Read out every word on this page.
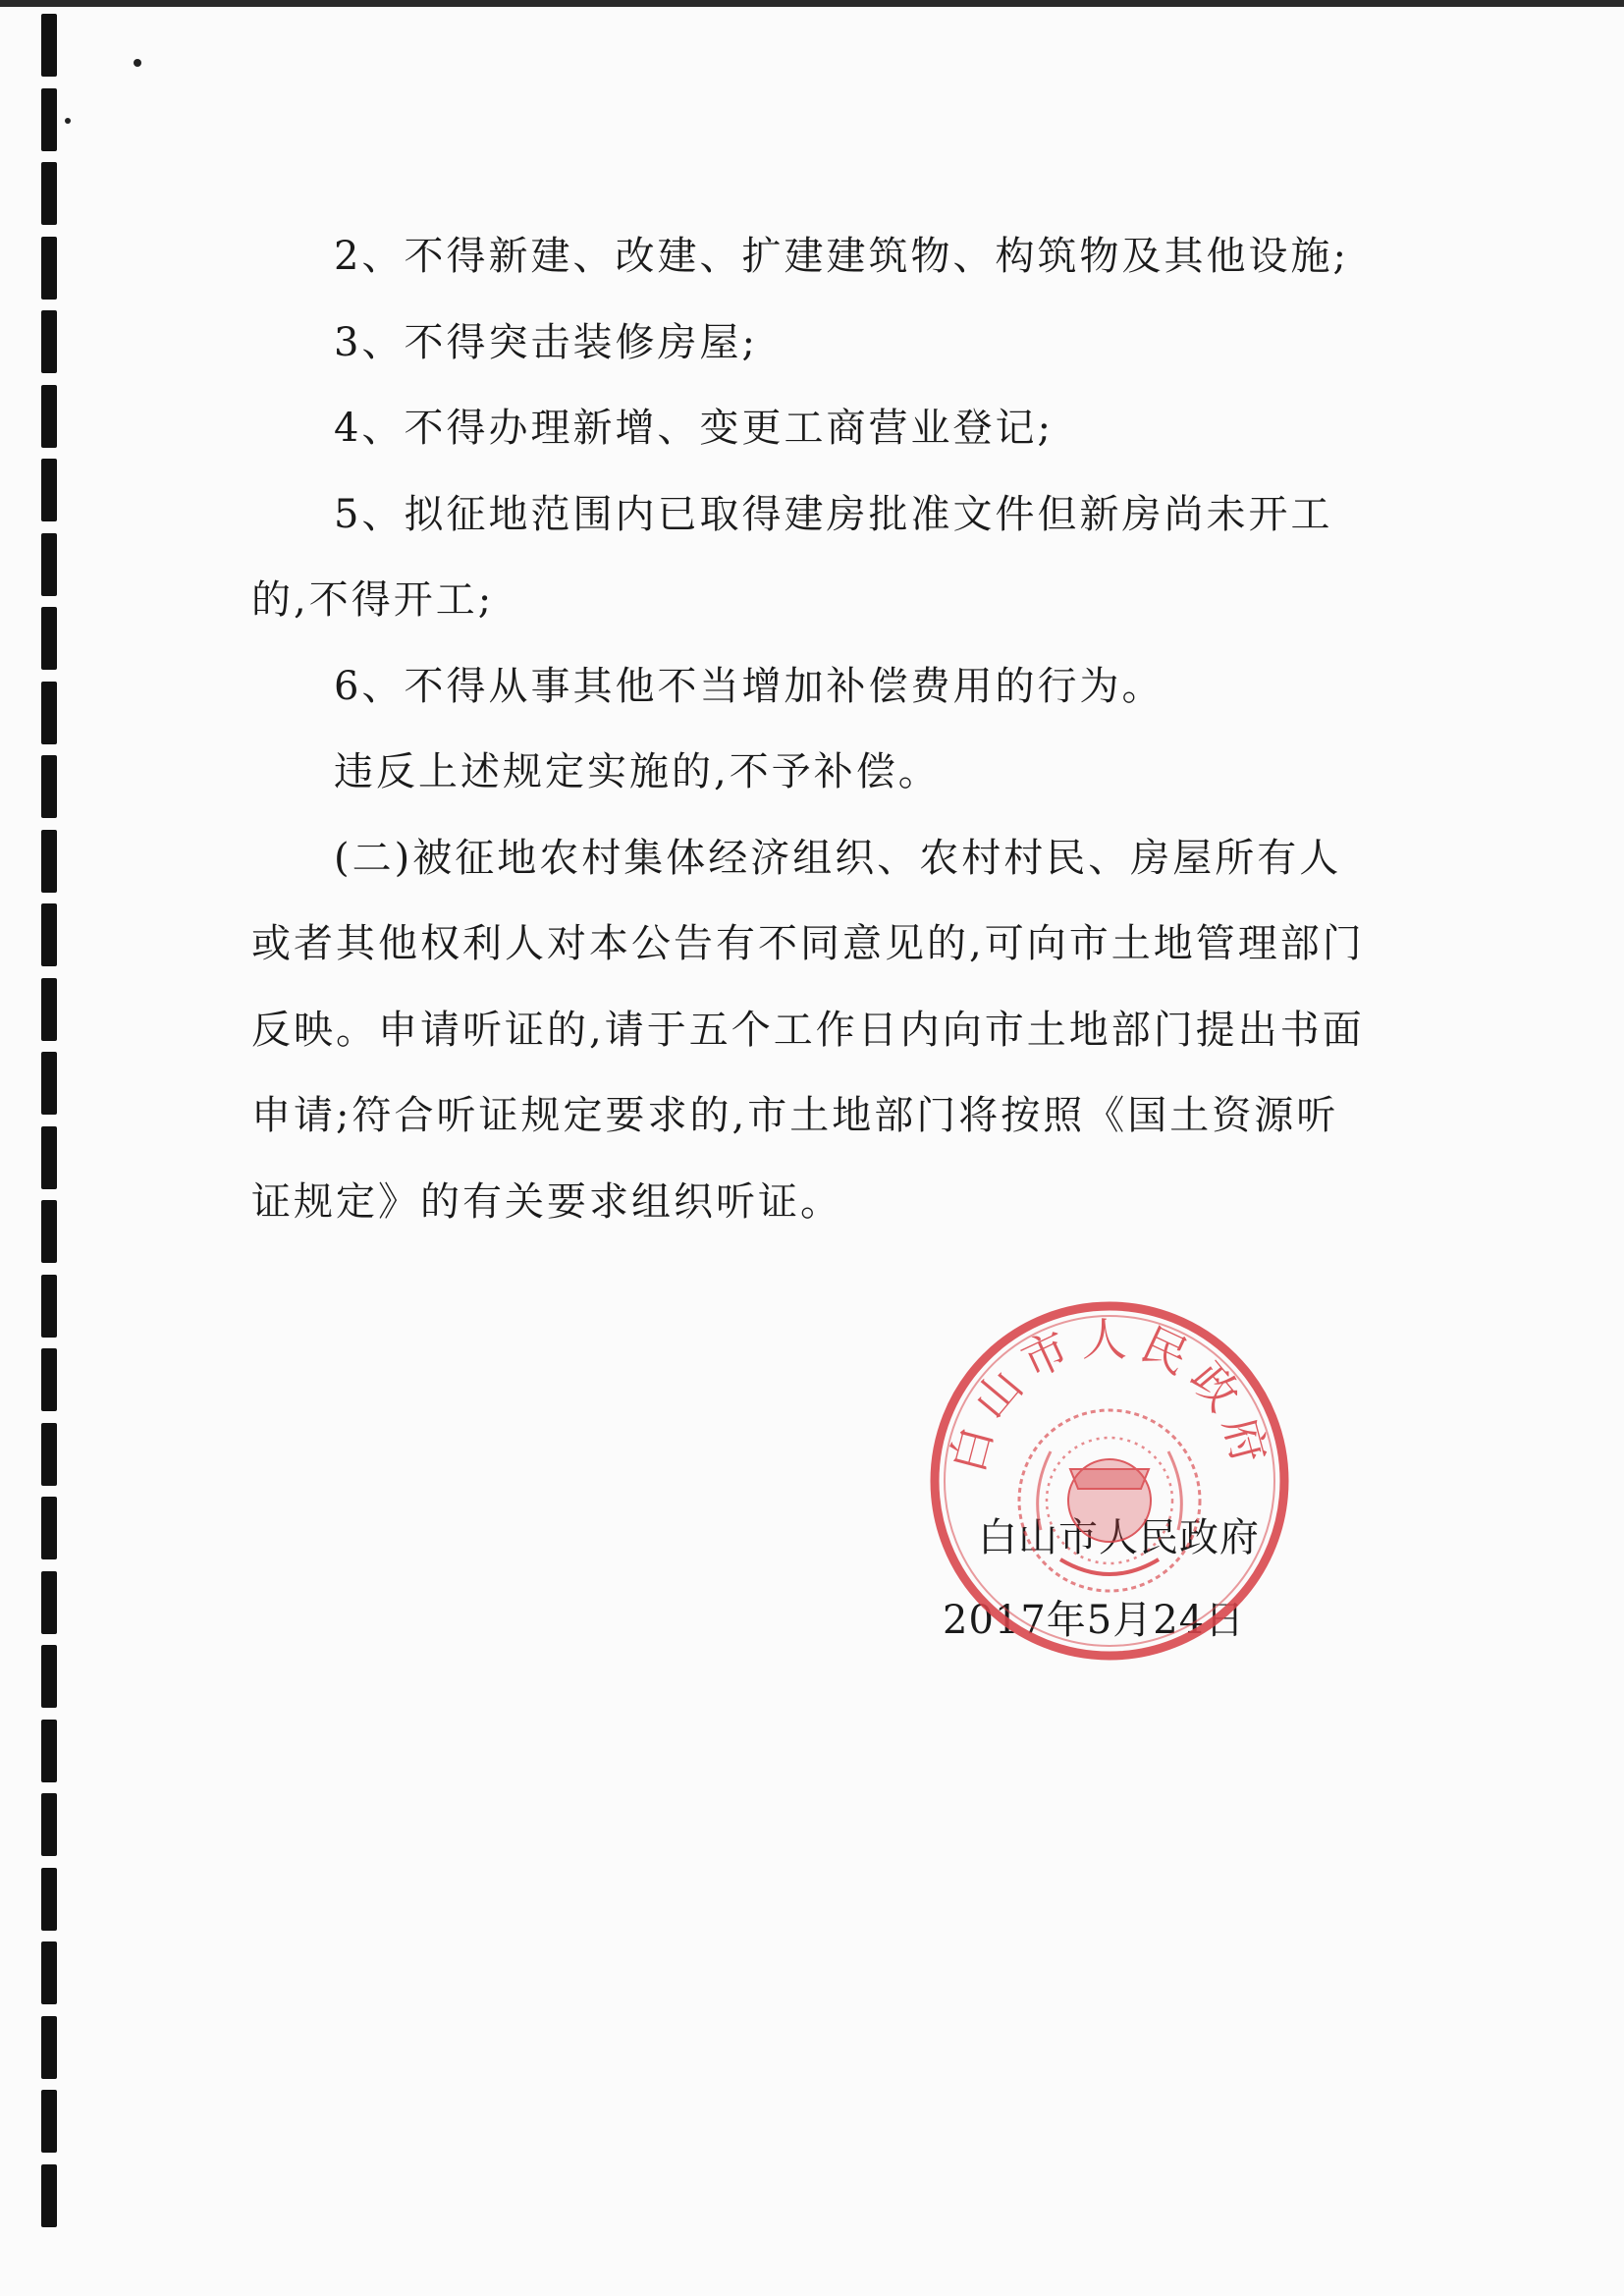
2、不得新建、改建、扩建建筑物、构筑物及其他设施;

3、不得突击装修房屋;

4、不得办理新增、变更工商营业登记;

5、拟征地范围内已取得建房批准文件但新房尚未开工的,不得开工;

6、不得从事其他不当增加补偿费用的行为。

违反上述规定实施的,不予补偿。

(二)被征地农村集体经济组织、农村村民、房屋所有人或者其他权利人对本公告有不同意见的,可向市土地管理部门反映。申请听证的,请于五个工作日内向市土地部门提出书面申请;符合听证规定要求的,市土地部门将按照《国土资源听证规定》的有关要求组织听证。

白山市人民政府
2017年5月24日
白山市人民政府
